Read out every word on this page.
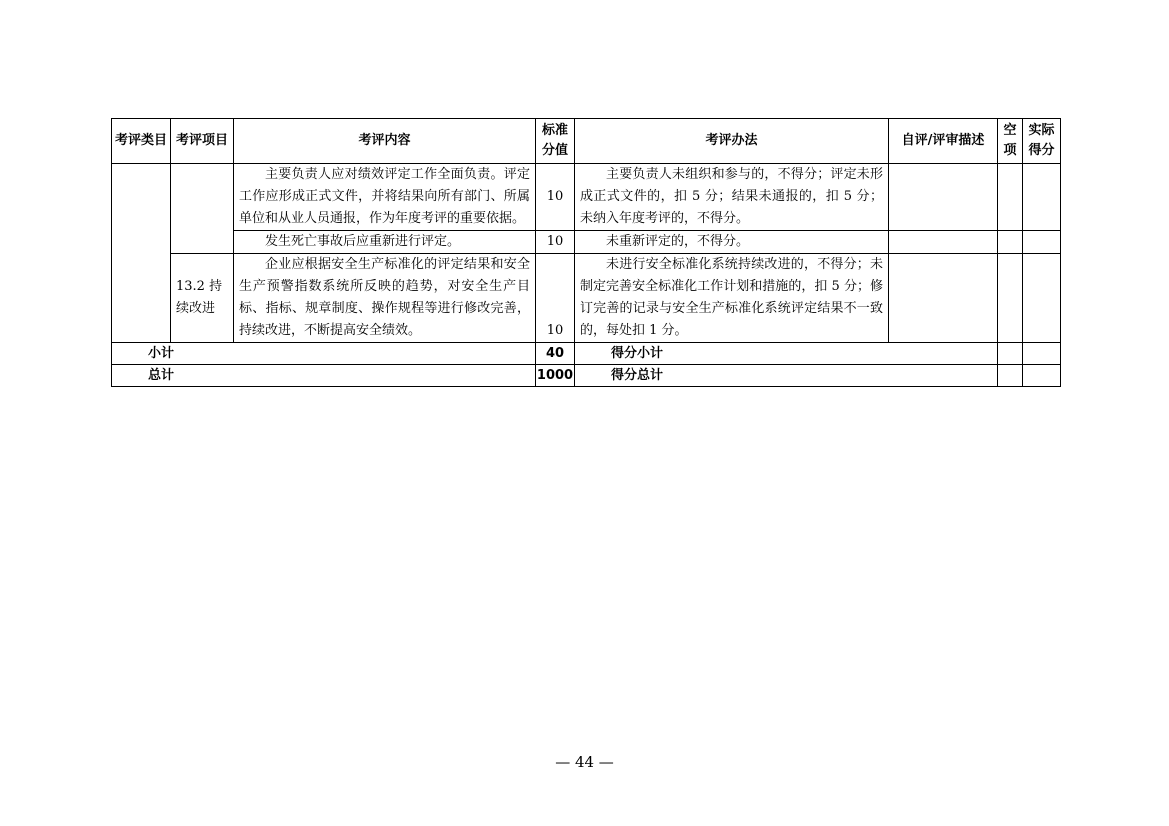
考评类目	考评项目	考评内容	标准分值	考评办法	自评/评审描述	空项	实际得分
		主要负责人应对绩效评定工作全面负责。评定工作应形成正式文件，并将结果向所有部门、所属单位和从业人员通报，作为年度考评的重要依据。	10	主要负责人未组织和参与的，不得分；评定未形成正式文件的，扣 5 分；结果未通报的，扣 5 分；未纳入年度考评的，不得分。			
		发生死亡事故后应重新进行评定。	10	未重新评定的，不得分。			
	13.2 持续改进	企业应根据安全生产标准化的评定结果和安全生产预警指数系统所反映的趋势，对安全生产目标、指标、规章制度、操作规程等进行修改完善，持续改进，不断提高安全绩效。	10	未进行安全标准化系统持续改进的，不得分；未制定完善安全标准化工作计划和措施的，扣 5 分；修订完善的记录与安全生产标准化系统评定结果不一致的，每处扣 1 分。			
小计			40	得分小计			
总计			1000	得分总计			
— 44 —
